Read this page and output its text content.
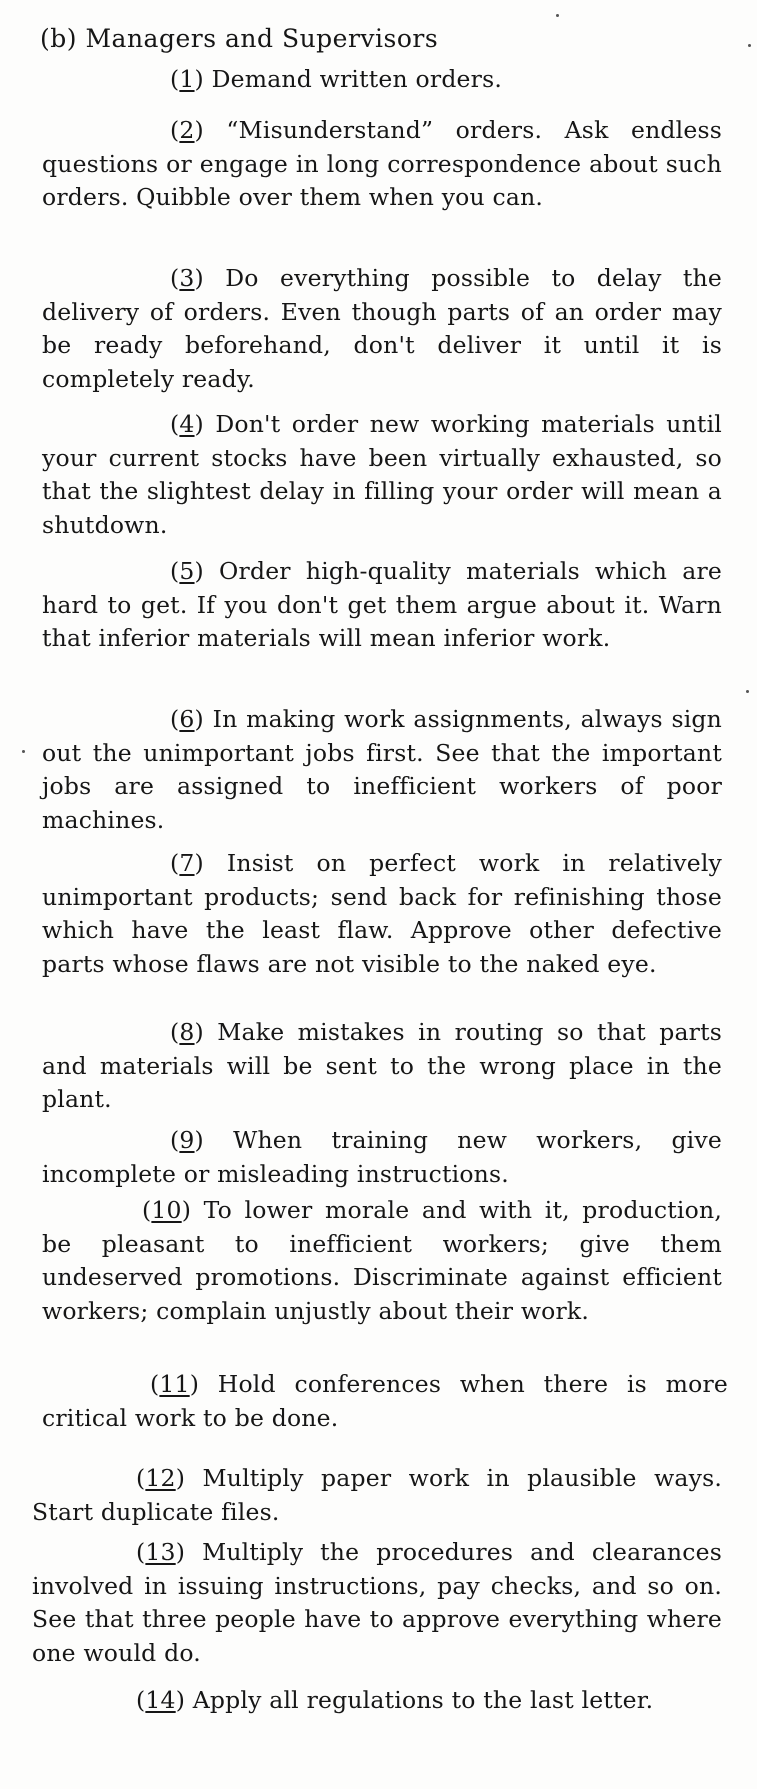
(b) Managers and Supervisors
(1) Demand written orders.
(2) “Misunderstand” orders. Ask endless questions or engage in long correspondence about such orders. Quibble over them when you can.
(3) Do everything possible to delay the delivery of orders. Even though parts of an order may be ready beforehand, don't deliver it until it is completely ready.
(4) Don't order new working materials until your current stocks have been virtually exhausted, so that the slightest delay in filling your order will mean a shutdown.
(5) Order high-quality materials which are hard to get. If you don't get them argue about it. Warn that inferior materials will mean inferior work.
(6) In making work assignments, always sign out the unimportant jobs first. See that the important jobs are assigned to inefficient workers of poor machines.
(7) Insist on perfect work in relatively unimportant products; send back for refinishing those which have the least flaw. Approve other defective parts whose flaws are not visible to the naked eye.
(8) Make mistakes in routing so that parts and materials will be sent to the wrong place in the plant.
(9) When training new workers, give incomplete or misleading instructions.
(10) To lower morale and with it, production, be pleasant to inefficient workers; give them undeserved promotions. Discriminate against efficient workers; complain unjustly about their work.
(11) Hold conferences when there is more critical work to be done.
(12) Multiply paper work in plausible ways. Start duplicate files.
(13) Multiply the procedures and clearances involved in issuing instructions, pay checks, and so on. See that three people have to approve everything where one would do.
(14) Apply all regulations to the last letter.
